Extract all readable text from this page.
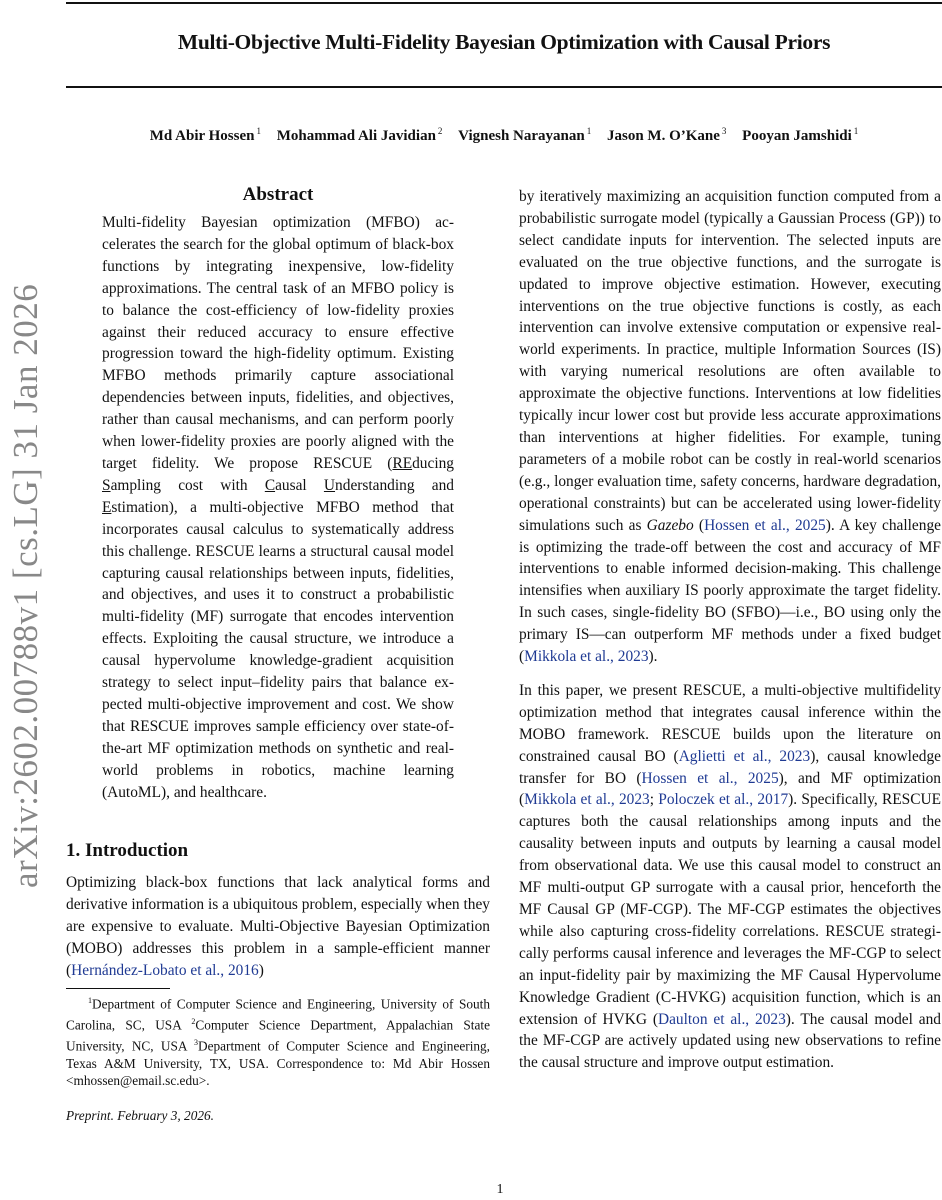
Multi-Objective Multi-Fidelity Bayesian Optimization with Causal Priors
Md Abir Hossen $^1$ Mohammad Ali Javidian $^2$ Vignesh Narayanan $^1$ Jason M. O’Kane $^3$ Pooyan Jamshidi $^1$
arXiv:2602.00788v1 [cs.LG] 31 Jan 2026
Abstract
Multi-fidelity Bayesian optimization (MFBO) accelerates the search for the global optimum of black-box functions by integrating inexpensive, low-fidelity approximations. The central task of an MFBO policy is to balance the cost-efficiency of low-fidelity proxies against their reduced accuracy to ensure effective progression toward the high-fidelity optimum. Existing MFBO methods primarily capture associational dependencies between inputs, fidelities, and objectives, rather than causal mechanisms, and can perform poorly when lower-fidelity proxies are poorly aligned with the target fidelity. We propose RESCUE (REducing Sampling cost with Causal Understanding and Estimation), a multi-objective MFBO method that incorporates causal calculus to systematically address this challenge. RESCUE learns a structural causal model capturing causal relationships between inputs, fidelities, and objectives, and uses it to construct a probabilistic multi-fidelity (MF) surrogate that encodes intervention effects. Exploiting the causal structure, we introduce a causal hypervolume knowledge-gradient acquisition strategy to select input–fidelity pairs that balance expected multi-objective improvement and cost. We show that RESCUE improves sample efficiency over state-of-the-art MF optimization methods on synthetic and real-world problems in robotics, machine learning (AutoML), and healthcare.
1. Introduction
Optimizing black-box functions that lack analytical forms and derivative information is a ubiquitous problem, especially when they are expensive to evaluate. Multi-Objective Bayesian Optimization (MOBO) addresses this problem in a sample-efficient manner (Hernández-Lobato et al., 2016)
$^1$Department of Computer Science and Engineering, University of South Carolina, SC, USA $^2$Computer Science Department, Appalachian State University, NC, USA $^3$Department of Computer Science and Engineering, Texas A&M University, TX, USA. Correspondence to: Md Abir Hossen <mhossen@email.sc.edu>.
Preprint. February 3, 2026.
by iteratively maximizing an acquisition function computed from a probabilistic surrogate model (typically a Gaussian Process (GP)) to select candidate inputs for intervention. The selected inputs are evaluated on the true objective functions, and the surrogate is updated to improve objective estimation. However, executing interventions on the true objective functions is costly, as each intervention can involve extensive computation or expensive real-world experiments. In practice, multiple Information Sources (IS) with varying numerical resolutions are often available to approximate the objective functions. Interventions at low fidelities typically incur lower cost but provide less accurate approximations than interventions at higher fidelities. For example, tuning parameters of a mobile robot can be costly in real-world scenarios (e.g., longer evaluation time, safety concerns, hardware degradation, operational constraints) but can be accelerated using lower-fidelity simulations such as Gazebo (Hossen et al., 2025). A key challenge is optimizing the trade-off between the cost and accuracy of MF interventions to enable informed decision-making. This challenge intensifies when auxiliary IS poorly approximate the target fidelity. In such cases, single-fidelity BO (SFBO)—i.e., BO using only the primary IS—can outperform MF methods under a fixed budget (Mikkola et al., 2023).
In this paper, we present RESCUE, a multi-objective multifidelity optimization method that integrates causal inference within the MOBO framework. RESCUE builds upon the literature on constrained causal BO (Aglietti et al., 2023), causal knowledge transfer for BO (Hossen et al., 2025), and MF optimization (Mikkola et al., 2023; Poloczek et al., 2017). Specifically, RESCUE captures both the causal relationships among inputs and the causality between inputs and outputs by learning a causal model from observational data. We use this causal model to construct an MF multi-output GP surrogate with a causal prior, henceforth the MF Causal GP (MF-CGP). The MF-CGP estimates the objectives while also capturing cross-fidelity correlations. RESCUE strategically performs causal inference and leverages the MF-CGP to select an input-fidelity pair by maximizing the MF Causal Hypervolume Knowledge Gradient (C-HVKG) acquisition function, which is an extension of HVKG (Daulton et al., 2023). The causal model and the MF-CGP are actively updated using new observations to refine the causal structure and improve output estimation.
1
